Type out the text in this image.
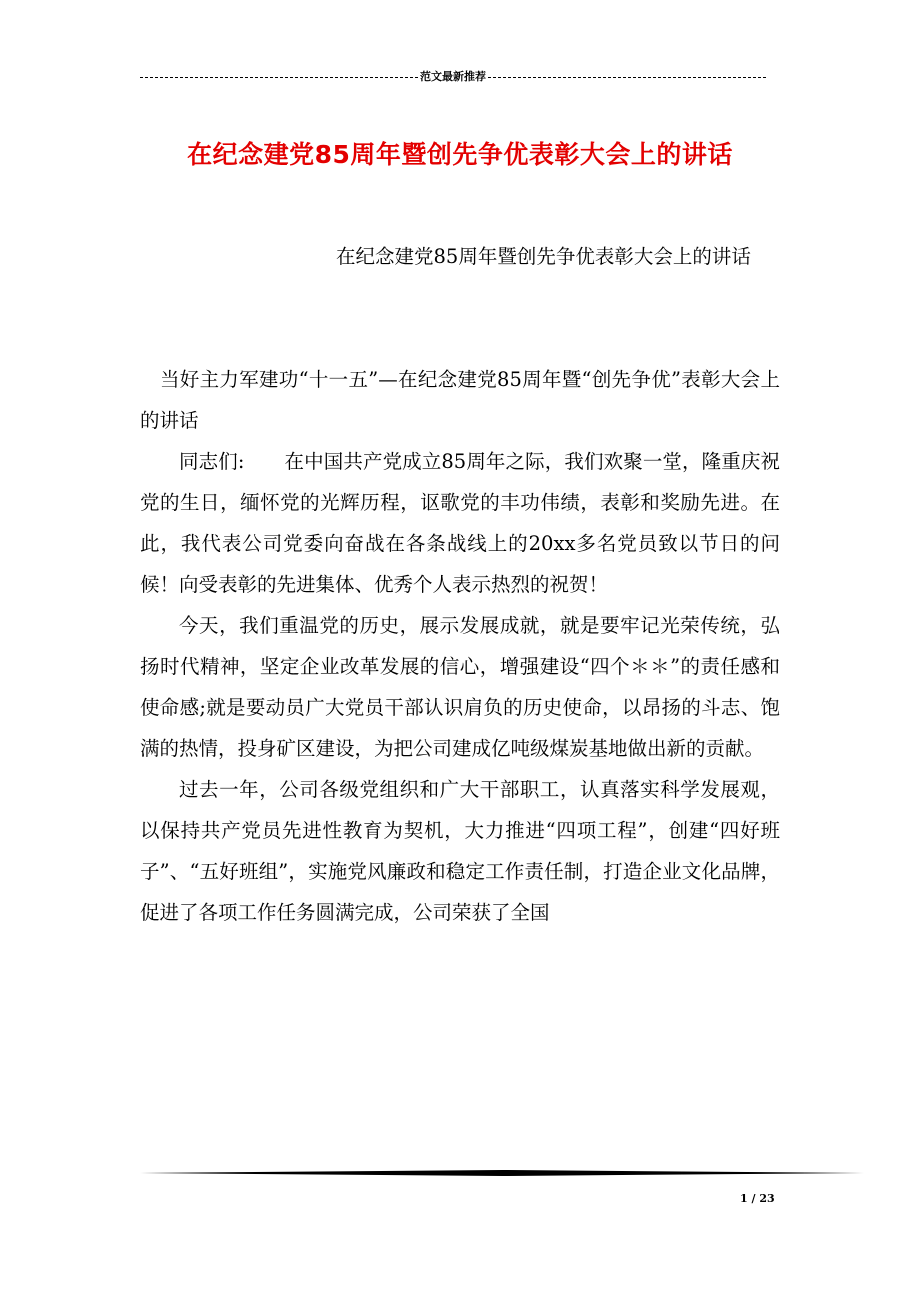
范文最新推荐
在纪念建党85周年暨创先争优表彰大会上的讲话

在纪念建党85周年暨创先争优表彰大会上的讲话

当好主力军建功“十一五”—在纪念建党85周年暨“创先争优”表彰大会上的讲话

同志们: 在中国共产党成立85周年之际，我们欢聚一堂，隆重庆祝党的生日，缅怀党的光辉历程，讴歌党的丰功伟绩，表彰和奖励先进。在此，我代表公司党委向奋战在各条战线上的20xx多名党员致以节日的问候！向受表彰的先进集体、优秀个人表示热烈的祝贺！

今天，我们重温党的历史，展示发展成就，就是要牢记光荣传统，弘扬时代精神，坚定企业改革发展的信心，增强建设“四个＊＊”的责任感和使命感;就是要动员广大党员干部认识肩负的历史使命，以昂扬的斗志、饱满的热情，投身矿区建设，为把公司建成亿吨级煤炭基地做出新的贡献。

过去一年，公司各级党组织和广大干部职工，认真落实科学发展观，以保持共产党员先进性教育为契机，大力推进“四项工程”，创建“四好班子”、“五好班组”，实施党风廉政和稳定工作责任制，打造企业文化品牌，促进了各项工作任务圆满完成，公司荣获了全国

1 / 23
